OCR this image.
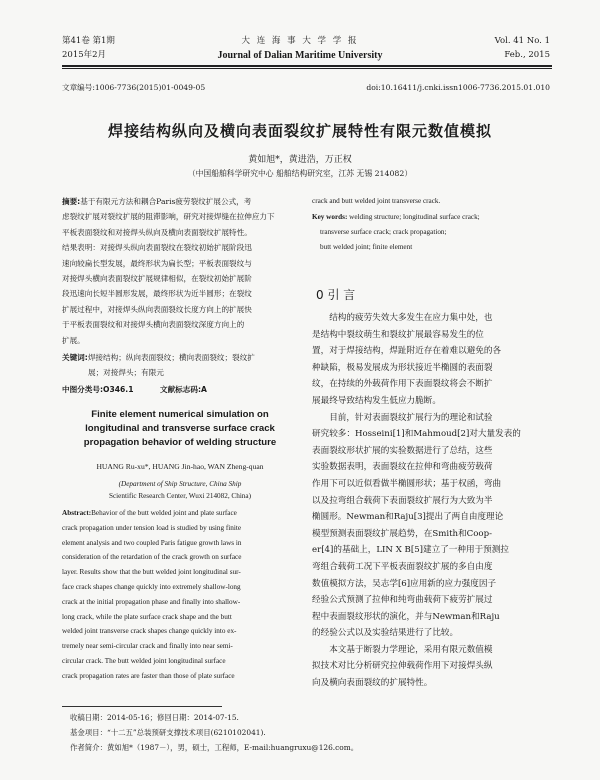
第41卷 第1期	大 连 海 事 大 学 学 报	Vol. 41 No. 1
2015年2月	Journal of Dalian Maritime University	Feb., 2015
文章编号:1006-7736(2015)01-0049-05	doi:10.16411/j.cnki.issn1006-7736.2015.01.010
焊接结构纵向及横向表面裂纹扩展特性有限元数值模拟
黄如旭*，黄进浩，万正权
（中国船舶科学研究中心 船舶结构研究室，江苏 无锡 214082）

摘要:基于有限元方法和耦合Paris疲劳裂纹扩展公式，考

虑裂纹扩展对裂纹扩展的阻滞影响，研究对接焊缝在拉伸应力下

平板表面裂纹和对接焊头纵向及横向表面裂纹扩展特性。

结果表明：对接焊头纵向表面裂纹在裂纹初始扩展阶段迅

速向较扁长型发展，最终形状为扁长型；平板表面裂纹与

对接焊头横向表面裂纹扩展规律相似，在裂纹初始扩展阶

段迅速向长短半圆形发展，最终形状为近半圆形；在裂纹

扩展过程中，对接焊头纵向表面裂纹长度方向上的扩展快

于平板表面裂纹和对接焊头横向表面裂纹深度方向上的

扩展。

关键词:焊接结构；纵向表面裂纹；横向表面裂纹；裂纹扩

展；对接焊头；有限元

中图分类号:O346.1	文献标志码:A
Finite element numerical simulation on
longitudinal and transverse surface crack
propagation behavior of welding structure
HUANG Ru-xu*, HUANG Jin-hao, WAN Zheng-quan
(Department of Ship Structure, China Ship
Scientific Research Center, Wuxi 214082, China)

Abstract:Behavior of the butt welded joint and plate surface

crack propagation under tension load is studied by using finite

element analysis and two coupled Paris fatigue growth laws in

consideration of the retardation of the crack growth on surface

layer. Results show that the butt welded joint longitudinal sur-

face crack shapes change quickly into extremely shallow-long

crack at the initial propagation phase and finally into shallow-

long crack, while the plate surface crack shape and the butt

welded joint transverse crack shapes change quickly into ex-

tremely near semi-circular crack and finally into near semi-

circular crack. The butt welded joint longitudinal surface

crack propagation rates are faster than those of plate surface

crack and butt welded joint transverse crack.

Key words: welding structure; longitudinal surface crack;

transverse surface crack; crack propagation;

butt welded joint; finite element

0 引 言

结构的疲劳失效大多发生在应力集中处，也

是结构中裂纹萌生和裂纹扩展最容易发生的位

置，对于焊接结构，焊趾附近存在着难以避免的各

种缺陷，极易发展成为形状接近半椭圆的表面裂

纹，在持续的外载荷作用下表面裂纹将会不断扩

展最终导致结构发生低应力脆断。

目前，针对表面裂纹扩展行为的理论和试验

研究较多：Hosseini[1]和Mahmoud[2]对大量发表的

表面裂纹形状扩展的实验数据进行了总结，这些

实验数据表明，表面裂纹在拉伸和弯曲疲劳载荷

作用下可以近似看做半椭圆形状；基于权函，弯曲

以及拉弯组合载荷下表面裂纹扩展行为大致为半

椭圆形。Newman和Raju[3]提出了两自由度理论

模型预测表面裂纹扩展趋势，在Smith和Coop-

er[4]的基础上，LIN X B[5]建立了一种用于预测拉

弯组合载荷工况下平板表面裂纹扩展的多自由度

数值模拟方法，吴志学[6]应用新的应力强度因子

经验公式预测了拉伸和纯弯曲载荷下疲劳扩展过

程中表面裂纹形状的演化，并与Newman和Raju

的经验公式以及实验结果进行了比较。

本文基于断裂力学理论，采用有限元数值模

拟技术对比分析研究拉伸载荷作用下对接焊头纵

向及横向表面裂纹的扩展特性。

收稿日期：2014-05-16；修回日期：2014-07-15.
基金项目：“十二五”总装预研支撑技术项目(6210102041).
作者简介：黄如旭*（1987－），男，硕士，工程师，E-mail:huangruxu@126.com。
